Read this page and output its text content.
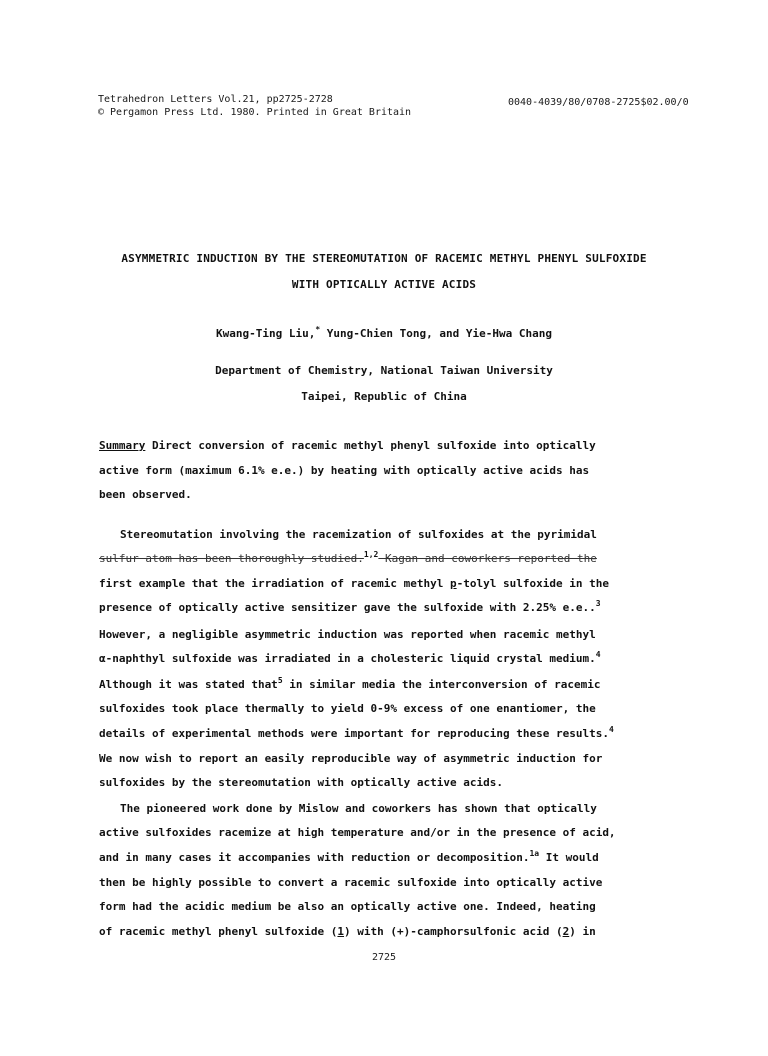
Tetrahedron Letters Vol.21, pp2725-2728
© Pergamon Press Ltd. 1980. Printed in Great Britain
0040-4039/80/0708-2725$02.00/0
ASYMMETRIC INDUCTION BY THE STEREOMUTATION OF RACEMIC METHYL PHENYL SULFOXIDE
WITH OPTICALLY ACTIVE ACIDS
Kwang-Ting Liu,* Yung-Chien Tong, and Yie-Hwa Chang
Department of Chemistry, National Taiwan University
Taipei, Republic of China
Summary Direct conversion of racemic methyl phenyl sulfoxide into optically
active form (maximum 6.1% e.e.) by heating with optically active acids has
been observed.
Stereomutation involving the racemization of sulfoxides at the pyrimidal
sulfur atom has been thoroughly studied.$^{1,2}$ Kagan and coworkers reported the
first example that the irradiation of racemic methyl p-tolyl sulfoxide in the
presence of optically active sensitizer gave the sulfoxide with 2.25% e.e..$^3$
However, a negligible asymmetric induction was reported when racemic methyl
α-naphthyl sulfoxide was irradiated in a cholesteric liquid crystal medium.$^4$
Although it was stated that$^5$ in similar media the interconversion of racemic
sulfoxides took place thermally to yield 0-9% excess of one enantiomer, the
details of experimental methods were important for reproducing these results.$^4$
We now wish to report an easily reproducible way of asymmetric induction for
sulfoxides by the stereomutation with optically active acids.
The pioneered work done by Mislow and coworkers has shown that optically
active sulfoxides racemize at high temperature and/or in the presence of acid,
and in many cases it accompanies with reduction or decomposition.$^{1a}$ It would
then be highly possible to convert a racemic sulfoxide into optically active
form had the acidic medium be also an optically active one. Indeed, heating
of racemic methyl phenyl sulfoxide (1) with (+)-camphorsulfonic acid (2) in
2725
